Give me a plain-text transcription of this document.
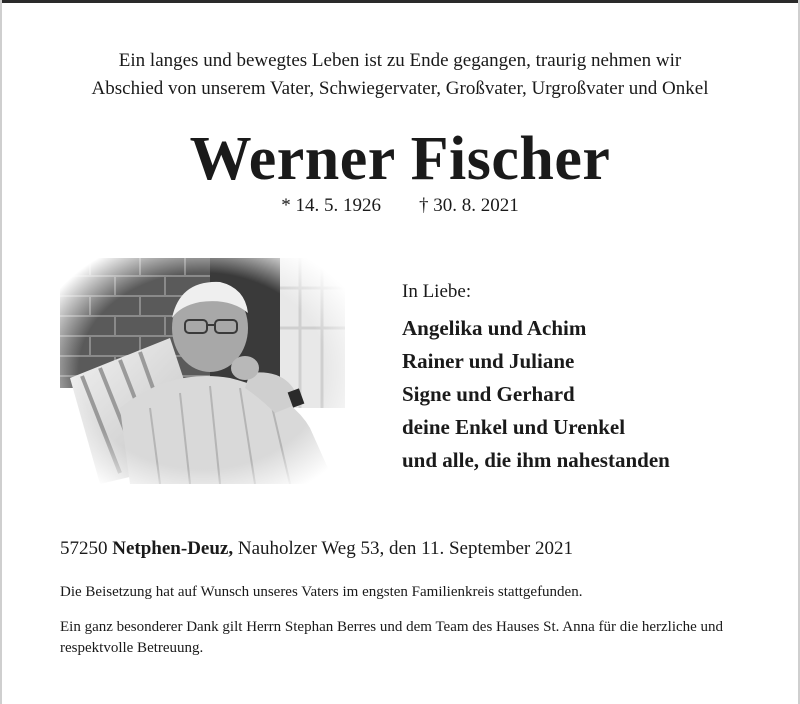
Ein langes und bewegtes Leben ist zu Ende gegangen, traurig nehmen wir
Abschied von unserem Vater, Schwiegervater, Großvater, Urgroßvater und Onkel
Werner Fischer
* 14. 5. 1926 † 30. 8. 2021
In Liebe:
Angelika und Achim
Rainer und Juliane
Signe und Gerhard
deine Enkel und Urenkel
und alle, die ihm nahestanden
57250 Netphen-Deuz, Nauholzer Weg 53, den 11. September 2021
Die Beisetzung hat auf Wunsch unseres Vaters im engsten Familienkreis stattgefunden.
Ein ganz besonderer Dank gilt Herrn Stephan Berres und dem Team des Hauses St. Anna für die herzliche und respektvolle Betreuung.
